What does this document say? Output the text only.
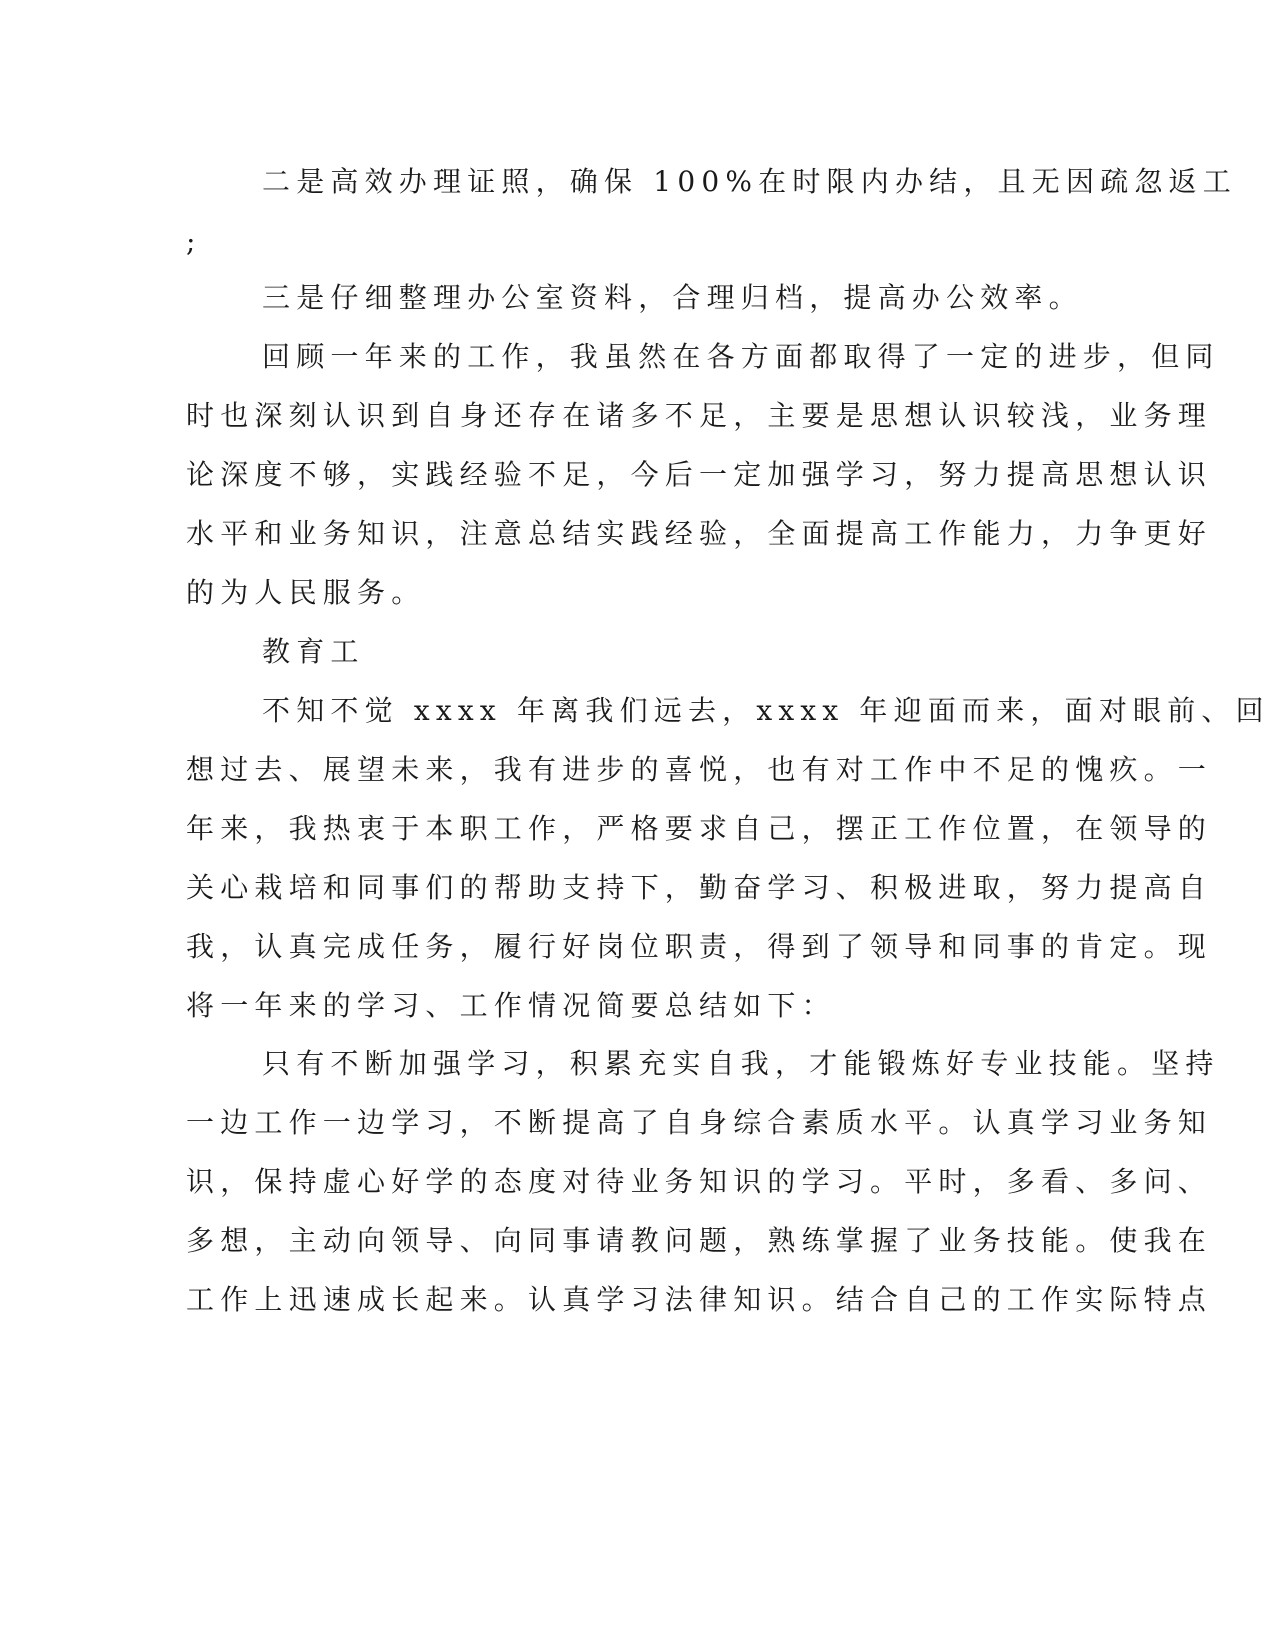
二是高效办理证照，确保 100%在时限内办结，且无因疏忽返工
;
三是仔细整理办公室资料，合理归档，提高办公效率。
回顾一年来的工作，我虽然在各方面都取得了一定的进步，但同
时也深刻认识到自身还存在诸多不足，主要是思想认识较浅，业务理
论深度不够，实践经验不足，今后一定加强学习，努力提高思想认识
水平和业务知识，注意总结实践经验，全面提高工作能力，力争更好
的为人民服务。
教育工
不知不觉 xxxx 年离我们远去，xxxx 年迎面而来，面对眼前、回
想过去、展望未来，我有进步的喜悦，也有对工作中不足的愧疚。一
年来，我热衷于本职工作，严格要求自己，摆正工作位置，在领导的
关心栽培和同事们的帮助支持下，勤奋学习、积极进取，努力提高自
我，认真完成任务，履行好岗位职责，得到了领导和同事的肯定。现
将一年来的学习、工作情况简要总结如下：
只有不断加强学习，积累充实自我，才能锻炼好专业技能。坚持
一边工作一边学习，不断提高了自身综合素质水平。认真学习业务知
识，保持虚心好学的态度对待业务知识的学习。平时，多看、多问、
多想，主动向领导、向同事请教问题，熟练掌握了业务技能。使我在
工作上迅速成长起来。认真学习法律知识。结合自己的工作实际特点
